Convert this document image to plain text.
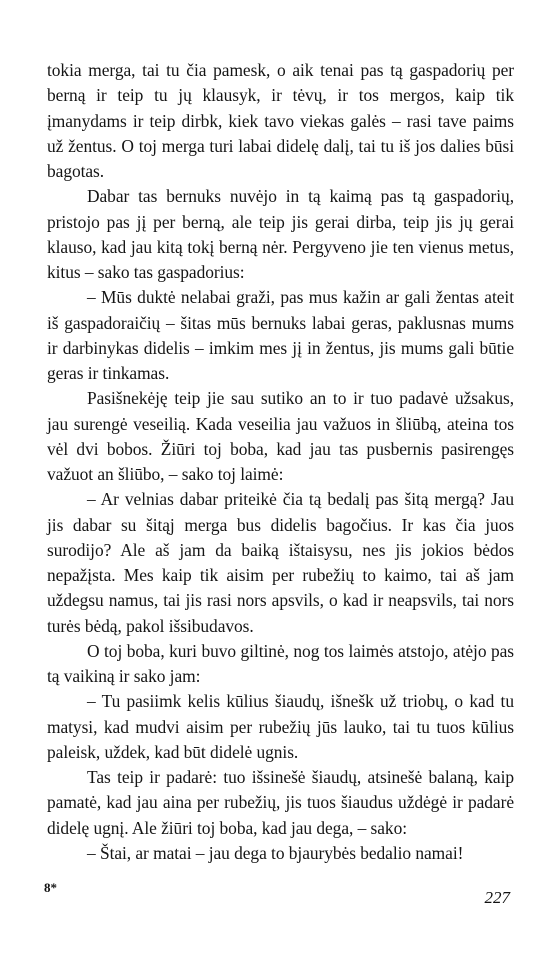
tokia merga, tai tu čia pamesk, o aik tenai pas tą gaspadorių per berną ir teip tu jų klausyk, ir tėvų, ir tos mergos, kaip tik įmanydams ir teip dirbk, kiek tavo viekas galės – rasi tave paims už žentus. O toj merga turi labai didelę dalį, tai tu iš jos dalies būsi bagotas.

Dabar tas bernuks nuvėjo in tą kaimą pas tą gaspadorių, pristojo pas jį per berną, ale teip jis gerai dirba, teip jis jų gerai klauso, kad jau kitą tokį berną nėr. Pergyveno jie ten vienus metus, kitus – sako tas gaspadorius:

– Mūs duktė nelabai graži, pas mus kažin ar gali žentas ateit iš gaspadoraičių – šitas mūs bernuks labai geras, paklusnas mums ir darbinykas didelis – imkim mes jį in žentus, jis mums gali būtie geras ir tinkamas.

Pasišnekėję teip jie sau sutiko an to ir tuo padavė užsakus, jau surengė veseilią. Kada veseilia jau važuos in šliūbą, ateina tos vėl dvi bobos. Žiūri toj boba, kad jau tas pusbernis pasirengęs važuot an šliūbo, – sako toj laimė:

– Ar velnias dabar priteikė čia tą bedalį pas šitą mergą? Jau jis dabar su šitąj merga bus didelis bagočius. Ir kas čia juos surodijo? Ale aš jam da baiką ištaisysu, nes jis jokios bėdos nepažįsta. Mes kaip tik aisim per rubežių to kaimo, tai aš jam uždegsu namus, tai jis rasi nors apsvils, o kad ir neapsvils, tai nors turės bėdą, pakol išsibudavos.

O toj boba, kuri buvo giltinė, nog tos laimės atstojo, atėjo pas tą vaikiną ir sako jam:

– Tu pasiimk kelis kūlius šiaudų, išnešk už triobų, o kad tu matysi, kad mudvi aisim per rubežių jūs lauko, tai tu tuos kūlius paleisk, uždek, kad būt didelė ugnis.

Tas teip ir padarė: tuo išsinešė šiaudų, atsinešė balaną, kaip pamatė, kad jau aina per rubežių, jis tuos šiaudus uždėgė ir padarė didelę ugnį. Ale žiūri toj boba, kad jau dega, – sako:

– Štai, ar matai – jau dega to bjaurybės bedalio namai!

8*
227
